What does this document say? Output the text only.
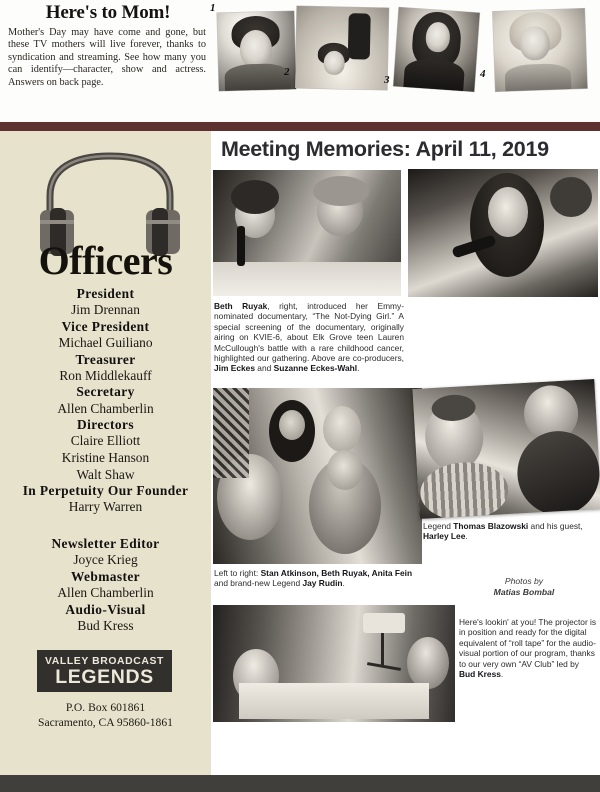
Here's to Mom!
Mother's Day may have come and gone, but these TV mothers will live forever, thanks to syndication and streaming. See how many you can identify—character, show and actress. Answers on back page.
1
2
3	4
Officers
President
Jim Drennan
Vice President
Michael Guiliano
Treasurer
Ron Middlekauff
Secretary
Allen Chamberlin
Directors
Claire Elliott
Kristine Hanson
Walt Shaw
In Perpetuity Our Founder
Harry Warren
Newsletter Editor
Joyce Krieg
Webmaster
Allen Chamberlin
Audio-Visual
Bud Kress
VALLEY BROADCAST
LEGENDS
P.O. Box 601861
Sacramento, CA 95860-1861
Meeting Memories: April 11, 2019
Beth Ruyak, right, introduced her Emmy-nominated documentary, “The Not-Dying Girl.” A special screening of the documentary, originally airing on KVIE-6, about Elk Grove teen Lauren McCullough's battle with a rare childhood cancer, highlighted our gathering. Above are co-producers, Jim Eckes and Suzanne Eckes-Wahl.
Legend Thomas Blazowski and his guest, Harley Lee.
Left to right: Stan Atkinson, Beth Ruyak, Anita Fein and brand-new Legend Jay Rudin.	Photos by
Matias Bombal
Here's lookin' at you! The projector is in position and ready for the digital equivalent of “roll tape” for the audio-visual portion of our program, thanks to our very own “AV Club” led by Bud Kress.
